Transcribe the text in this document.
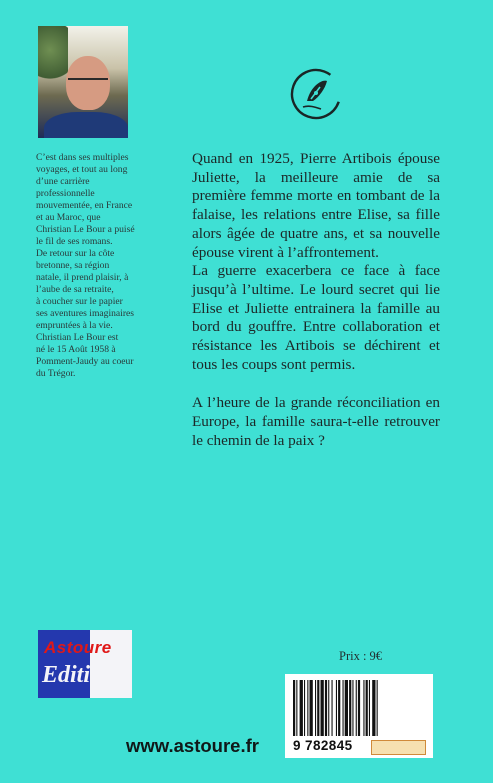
C’est dans ses multiples

voyages, et tout au long

d’une carrière

professionnelle

mouvementée, en France

et au Maroc, que

Christian Le Bour a puisé

le fil de ses romans.

De retour sur la côte

bretonne, sa région

natale, il prend plaisir, à

l’aube de sa retraite,

à coucher sur le papier

ses aventures imaginaires

empruntées à la vie.

Christian Le Bour est

né le 15 Août 1958 à

Pomment-Jaudy au coeur

du Trégor.

Quand en 1925, Pierre Artibois épouse Juliette, la meilleure amie de sa première femme morte en tombant de la falaise, les relations entre Elise, sa fille alors âgée de quatre ans, et sa nouvelle épouse virent à l’affrontement.

La guerre exacerbera ce face à face jusqu’à l’ultime. Le lourd secret qui lie Elise et Juliette entrainera la famille au bord du gouffre. Entre collaboration et résistance les Artibois se déchirent et tous les coups sont permis.

A l’heure de la grande réconciliation en Europe, la famille saura-t-elle retrouver le chemin de la paix ?

Astoure
Editi
Prix : 9€
9 782845
www.astoure.fr
